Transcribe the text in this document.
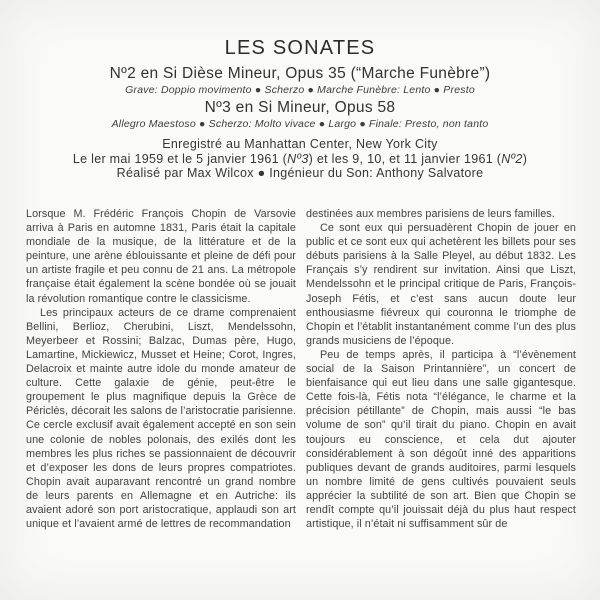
LES SONATES
Nº2 en Si Dièse Mineur, Opus 35 (“Marche Funèbre”)
Grave: Doppio movimento ● Scherzo ● Marche Funèbre: Lento ● Presto
Nº3 en Si Mineur, Opus 58
Allegro Maestoso ● Scherzo: Molto vivace ● Largo ● Finale: Presto, non tanto

Enregistré au Manhattan Center, New York City

Le ler mai 1959 et le 5 janvier 1961 (Nº3) et les 9, 10, et 11 janvier 1961 (Nº2)

Réalisé par Max Wilcox ● Ingénieur du Son: Anthony Salvatore

Lorsque M. Frédéric François Chopin de Varsovie arriva à Paris en automne 1831, Paris était la capitale mondiale de la musique, de la littérature et de la peinture, une arène éblouissante et pleine de défi pour un artiste fragile et peu connu de 21 ans. La métropole française était également la scène bondée où se jouait la révolution romantique contre le classicisme.

Les principaux acteurs de ce drame comprenaient Bellini, Berlioz, Cherubini, Liszt, Mendelssohn, Meyerbeer et Rossini; Balzac, Dumas père, Hugo, Lamartine, Mickiewicz, Musset et Heine; Corot, Ingres, Delacroix et mainte autre idole du monde amateur de culture. Cette galaxie de génie, peut-être le groupement le plus magnifique depuis la Grèce de Périclès, décorait les salons de l’aristocratie parisienne. Ce cercle exclusif avait également accepté en son sein une colonie de nobles polonais, des exilés dont les membres les plus riches se passionnaient de découvrir et d’exposer les dons de leurs propres compatriotes. Chopin avait auparavant rencontré un grand nombre de leurs parents en Allemagne et en Autriche: ils avaient adoré son port aristocratique, applaudi son art unique et l’avaient armé de lettres de recommandation

destinées aux membres parisiens de leurs familles.

Ce sont eux qui persuadèrent Chopin de jouer en public et ce sont eux qui achetèrent les billets pour ses débuts parisiens à la Salle Pleyel, au début 1832. Les Français s’y rendirent sur invitation. Ainsi que Liszt, Mendelssohn et le principal critique de Paris, François-Joseph Fétis, et c’est sans aucun doute leur enthousiasme fiévreux qui couronna le triomphe de Chopin et l’établit instantanément comme l’un des plus grands musiciens de l’époque.

Peu de temps après, il participa à “l’évènement social de la Saison Printannière”, un concert de bienfaisance qui eut lieu dans une salle gigantesque. Cette fois-là, Fétis nota “l’élégance, le charme et la précision pétillante” de Chopin, mais aussi “le bas volume de son” qu’il tirait du piano. Chopin en avait toujours eu conscience, et cela dut ajouter considérablement à son dégoût inné des apparitions publiques devant de grands auditoires, parmi lesquels un nombre limité de gens cultivés pouvaient seuls apprécier la subtilité de son art. Bien que Chopin se rendît compte qu’il jouissait déjà du plus haut respect artistique, il n’était ni suffisamment sûr de
